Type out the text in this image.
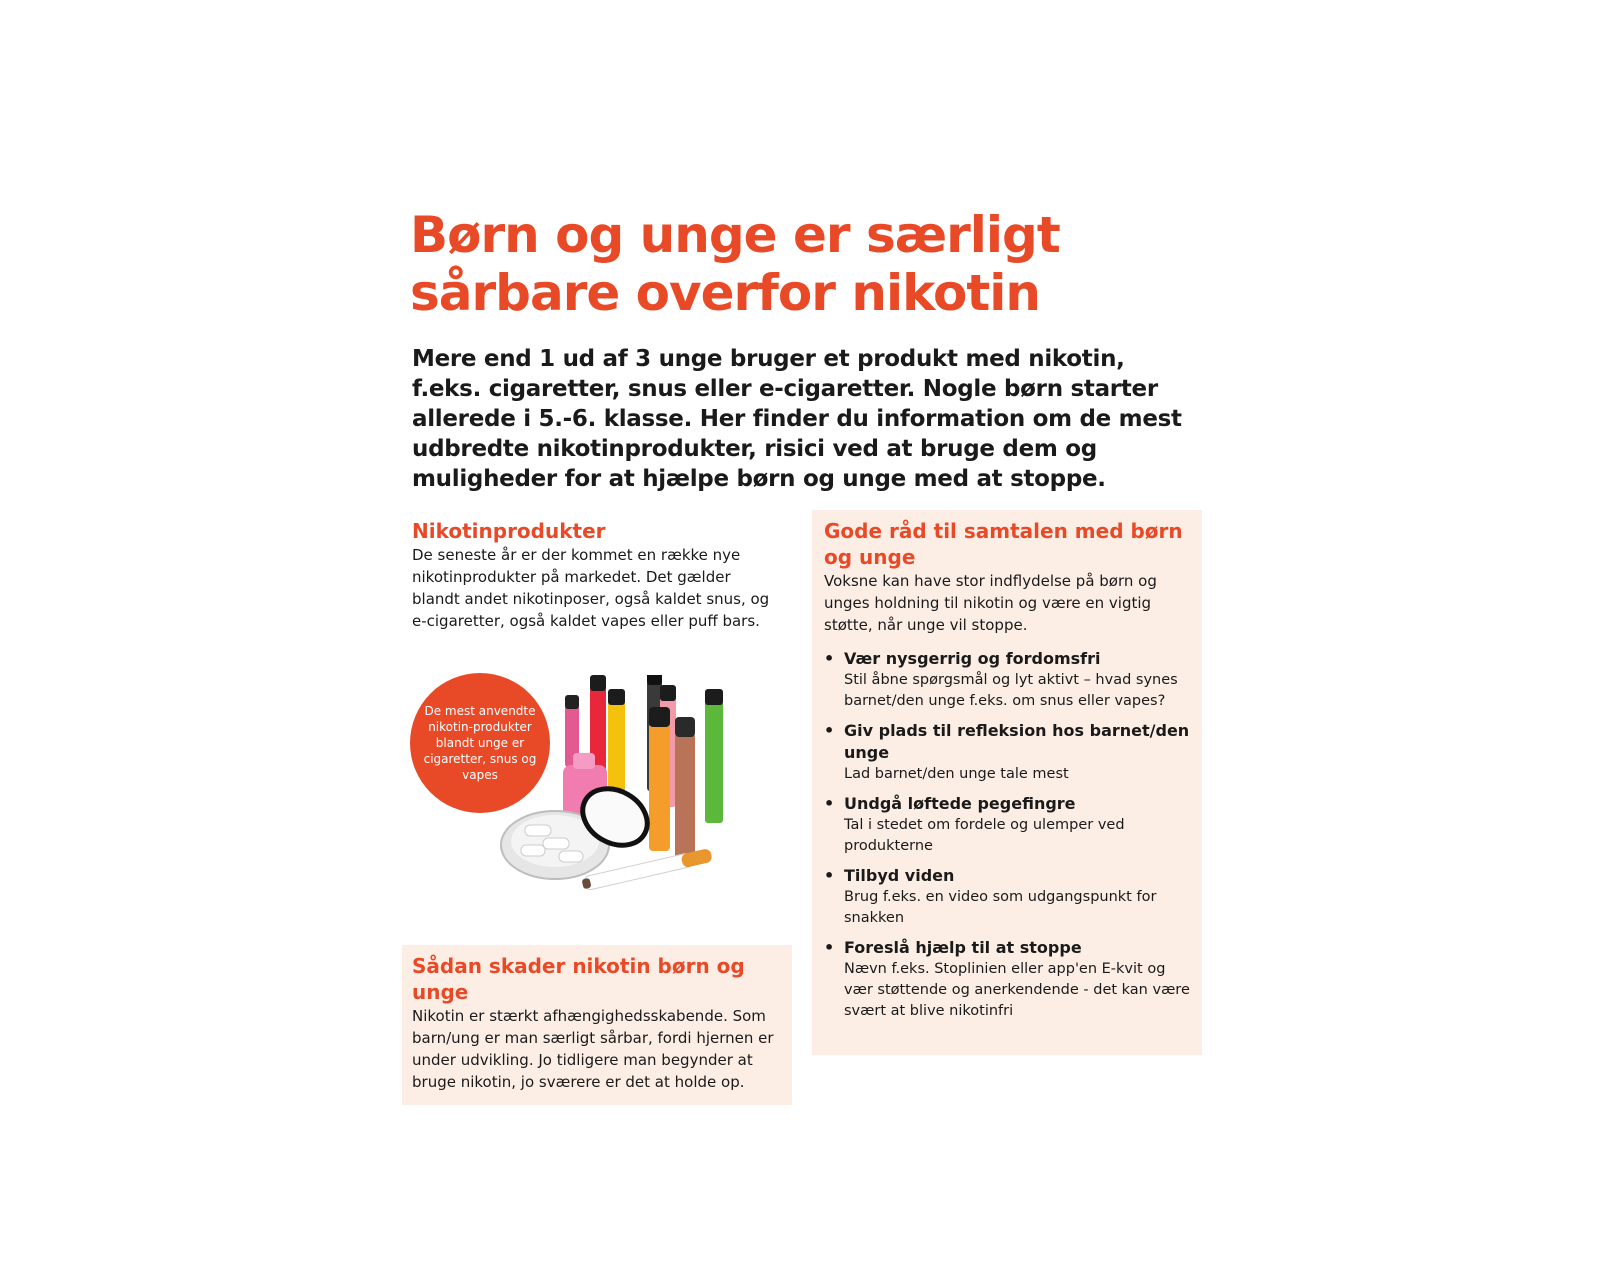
Børn og unge er særligt
sårbare overfor nikotin

Mere end 1 ud af 3 unge bruger et produkt med nikotin, f.eks. cigaretter, snus eller e-cigaretter. Nogle børn starter allerede i 5.-6. klasse. Her finder du information om de mest udbredte nikotinprodukter, risici ved at bruge dem og muligheder for at hjælpe børn og unge med at stoppe.

Nikotinprodukter

De seneste år er der kommet en række nye nikotinprodukter på markedet. Det gælder blandt andet nikotinposer, også kaldet snus, og e-cigaretter, også kaldet vapes eller puff bars.

De mest anvendte nikotin-produkter blandt unge er cigaretter, snus og vapes
Sådan skader nikotin børn og unge

Nikotin er stærkt afhængighedsskabende. Som barn/ung er man særligt sårbar, fordi hjernen er under udvikling. Jo tidligere man begynder at bruge nikotin, jo sværere er det at holde op.

Gode råd til samtalen med børn og unge

Voksne kan have stor indflydelse på børn og unges holdning til nikotin og være en vigtig støtte, når unge vil stoppe.

• Vær nysgerrig og fordomsfri
Stil åbne spørgsmål og lyt aktivt – hvad synes barnet/den unge f.eks. om snus eller vapes?
• Giv plads til refleksion hos barnet/den unge
Lad barnet/den unge tale mest
• Undgå løftede pegefingre
Tal i stedet om fordele og ulemper ved produkterne
• Tilbyd viden
Brug f.eks. en video som udgangspunkt for snakken
• Foreslå hjælp til at stoppe
Nævn f.eks. Stoplinien eller app'en E-kvit og vær støttende og anerkendende - det kan være svært at blive nikotinfri
